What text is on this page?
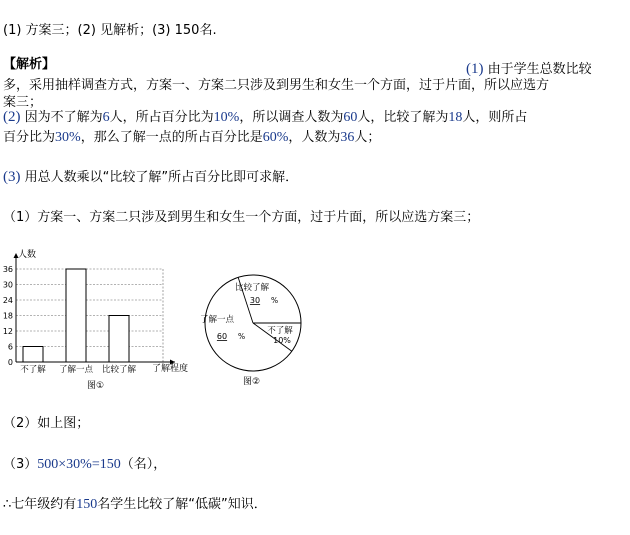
(1) 方案三；(2) 见解析；(3) 150名.
【解析】	(1) 由于学生总数比较
多，采用抽样调查方式，方案一、方案二只涉及到男生和女生一个方面，过于片面，所以应选方
案三；
(2) 因为不了解为6人，所占百分比为10%，所以调查人数为60人，比较了解为18人，则所占
百分比为30%，那么了解一点的所占百分比是60%，人数为36人；
(3) 用总人数乘以“比较了解”所占百分比即可求解．
（1）方案一、方案二只涉及到男生和女生一个方面，过于片面，所以应选方案三；
人数
了解程度
图①
0
6
12
18
24
30
36
不了解 了解一点 比较了解
图②
比较了解
30 %
了解一点
60 %
不了解
10%
（2）如上图；
（3）500×30%=150（名），
∴七年级约有150名学生比较了解“低碳”知识．
